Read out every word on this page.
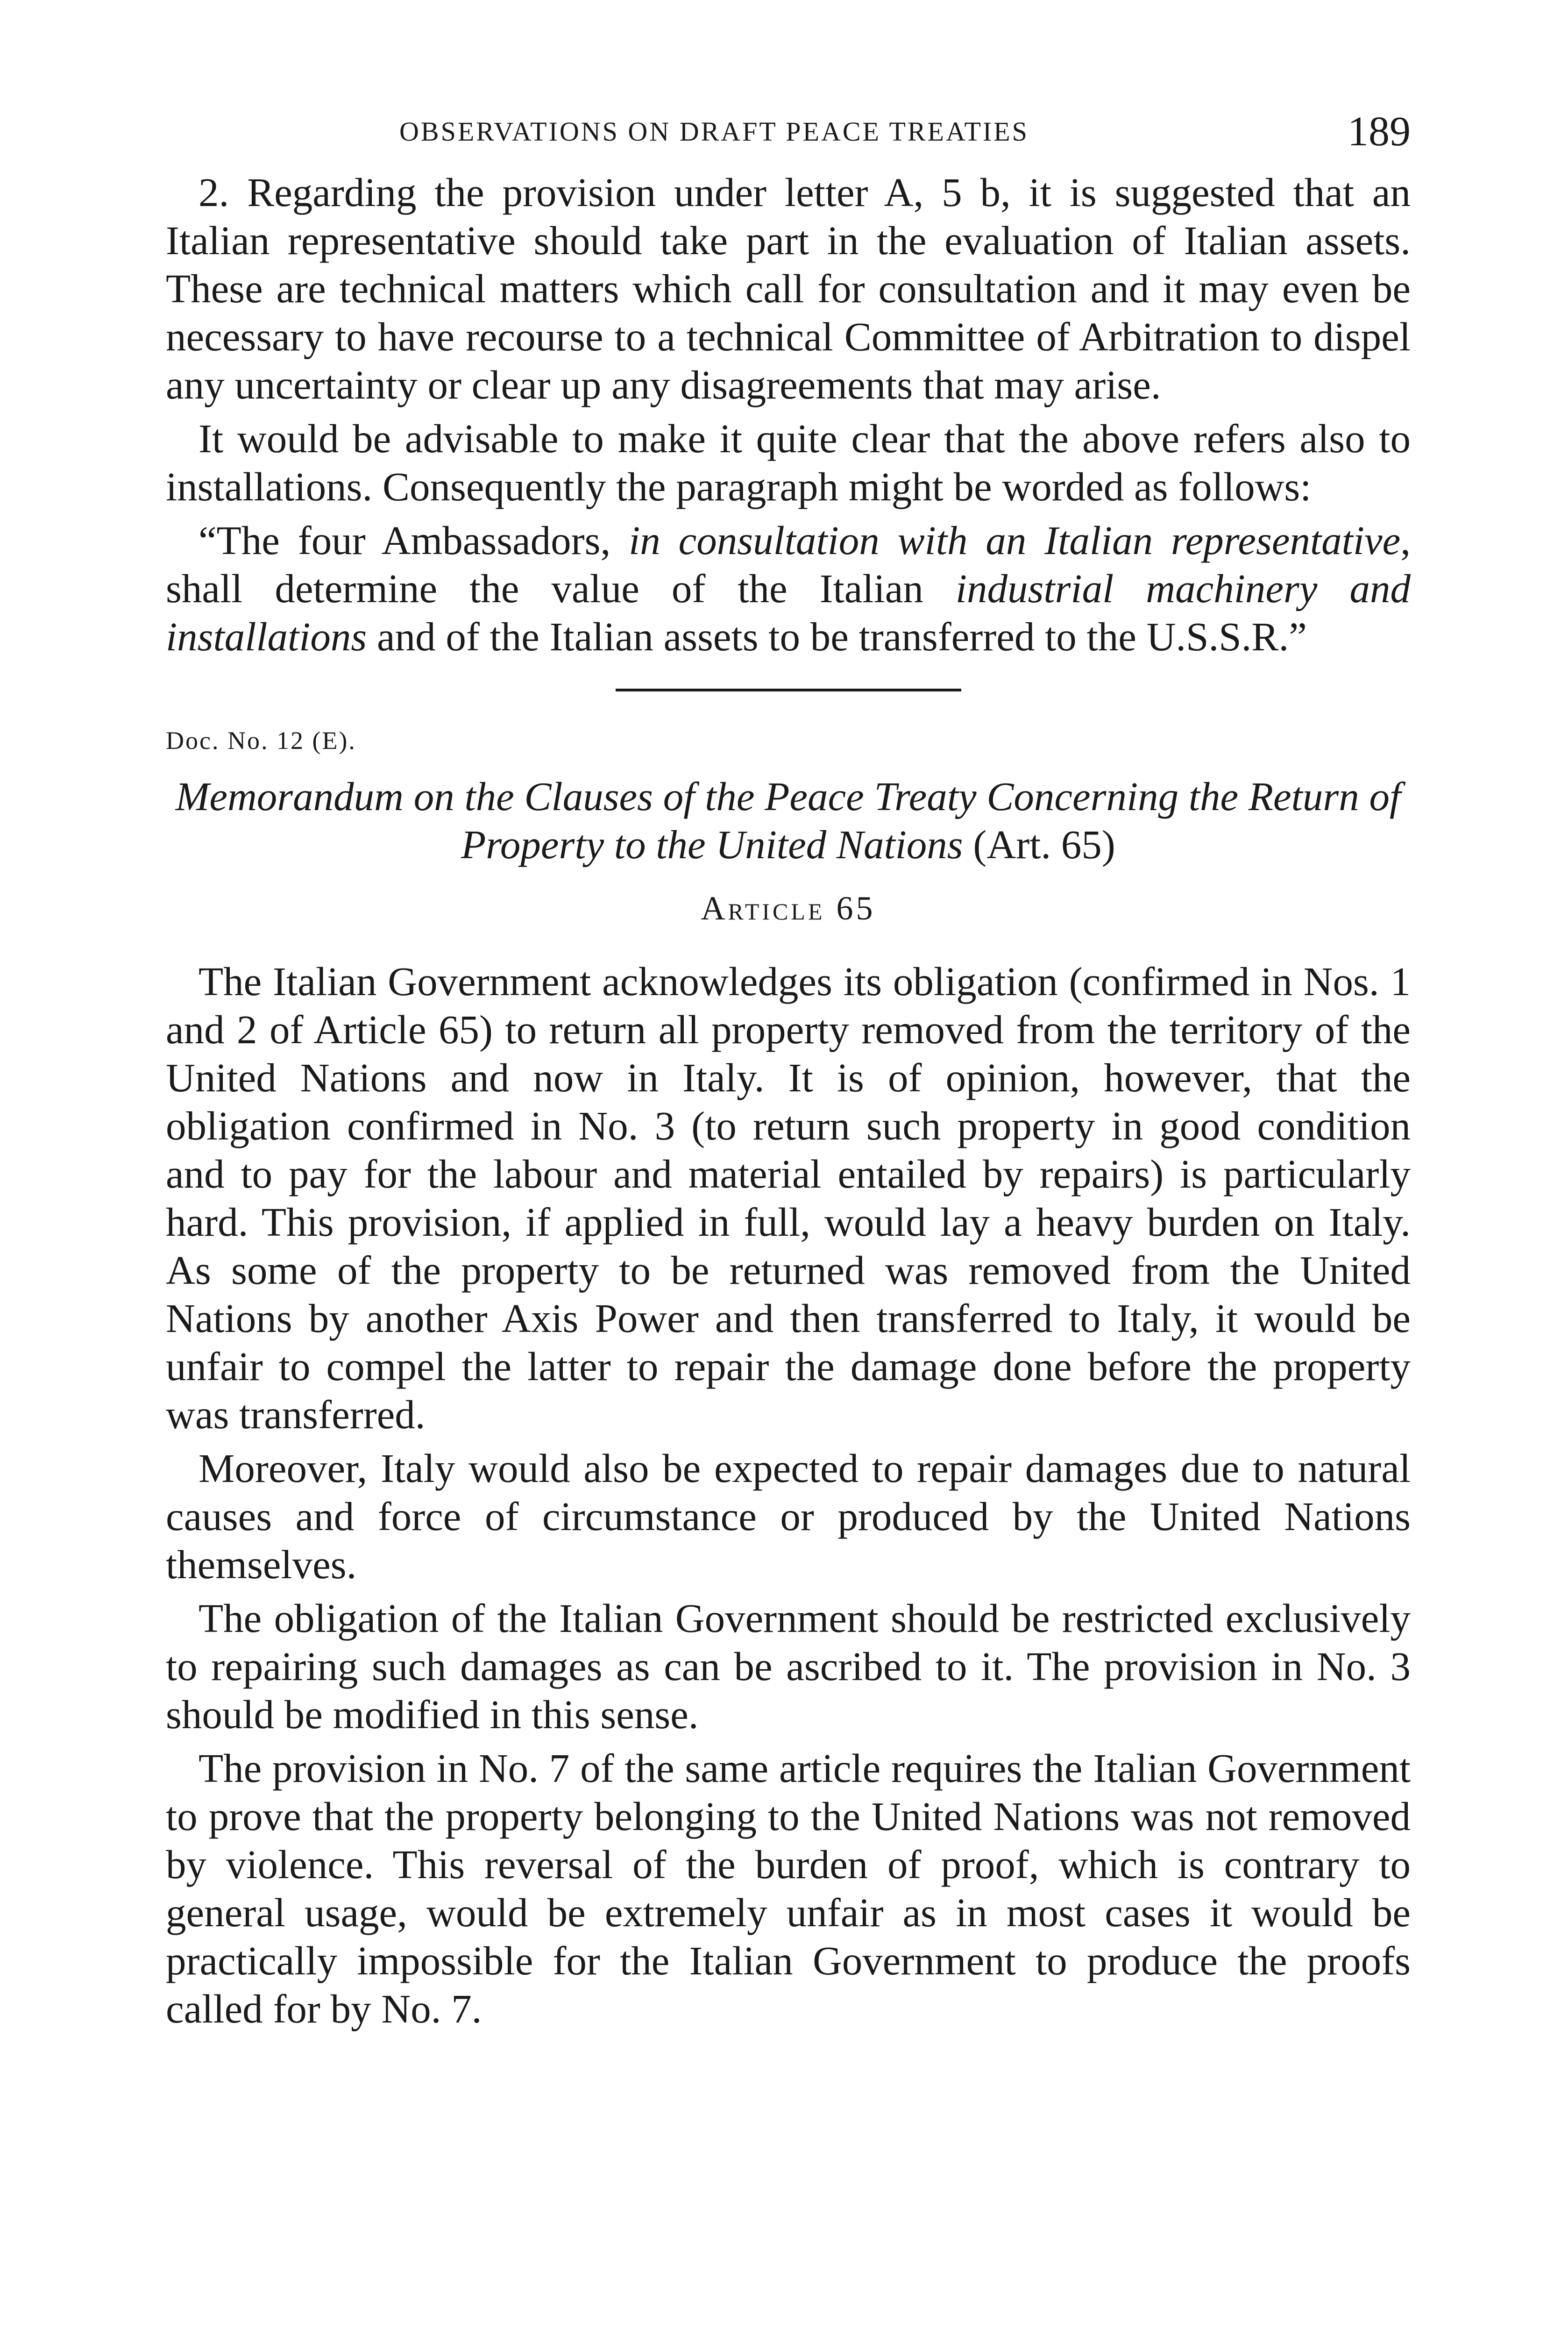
OBSERVATIONS ON DRAFT PEACE TREATIES	189

2. Regarding the provision under letter A, 5 b, it is suggested that an Italian representative should take part in the evaluation of Italian assets. These are technical matters which call for consultation and it may even be necessary to have recourse to a technical Committee of Arbitration to dispel any uncertainty or clear up any disagreements that may arise.

It would be advisable to make it quite clear that the above refers also to installations. Consequently the paragraph might be worded as follows:

“The four Ambassadors, in consultation with an Italian representative, shall determine the value of the Italian industrial machinery and installations and of the Italian assets to be transferred to the U.S.S.R.”

Doc. No. 12 (E).
Memorandum on the Clauses of the Peace Treaty Concerning the Return of Property to the United Nations (Art. 65)
Article 65

The Italian Government acknowledges its obligation (confirmed in Nos. 1 and 2 of Article 65) to return all property removed from the territory of the United Nations and now in Italy. It is of opinion, however, that the obligation confirmed in No. 3 (to return such property in good condition and to pay for the labour and material entailed by repairs) is particularly hard. This provision, if applied in full, would lay a heavy burden on Italy. As some of the property to be returned was removed from the United Nations by another Axis Power and then transferred to Italy, it would be unfair to compel the latter to repair the damage done before the property was transferred.

Moreover, Italy would also be expected to repair damages due to natural causes and force of circumstance or produced by the United Nations themselves.

The obligation of the Italian Government should be restricted exclusively to repairing such damages as can be ascribed to it. The provision in No. 3 should be modified in this sense.

The provision in No. 7 of the same article requires the Italian Government to prove that the property belonging to the United Nations was not removed by violence. This reversal of the burden of proof, which is contrary to general usage, would be extremely unfair as in most cases it would be practically impossible for the Italian Government to produce the proofs called for by No. 7.
